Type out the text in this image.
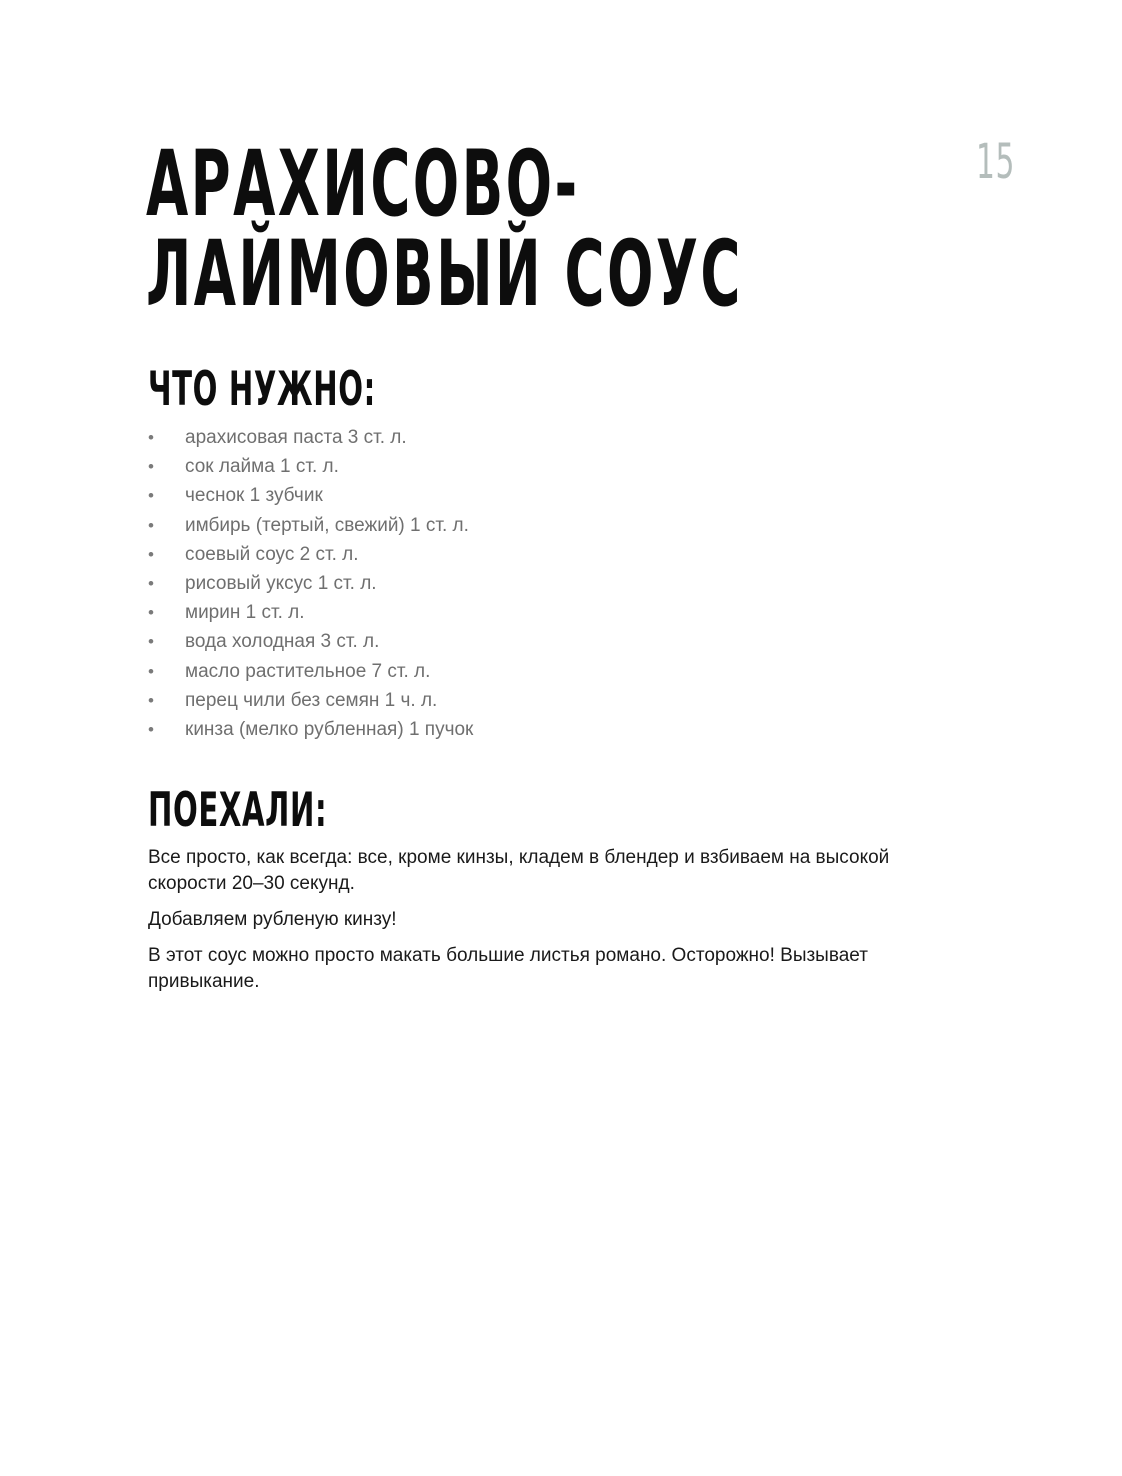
15
АРАХИСОВО-
ЛАЙМОВЫЙ СОУС
ЧТО НУЖНО:
• арахисовая паста 3 ст. л.
• сок лайма 1 ст. л.
• чеснок 1 зубчик
• имбирь (тертый, свежий) 1 ст. л.
• соевый соус 2 ст. л.
• рисовый уксус 1 ст. л.
• мирин 1 ст. л.
• вода холодная 3 ст. л.
• масло растительное 7 ст. л.
• перец чили без семян 1 ч. л.
• кинза (мелко рубленная) 1 пучок
ПОЕХАЛИ:

Все просто, как всегда: все, кроме кинзы, кладем в блендер и взбиваем на высокой скорости 20–30 секунд.

Добавляем рубленую кинзу!

В этот соус можно просто макать большие листья романо. Осторожно! Вызывает привыкание.
